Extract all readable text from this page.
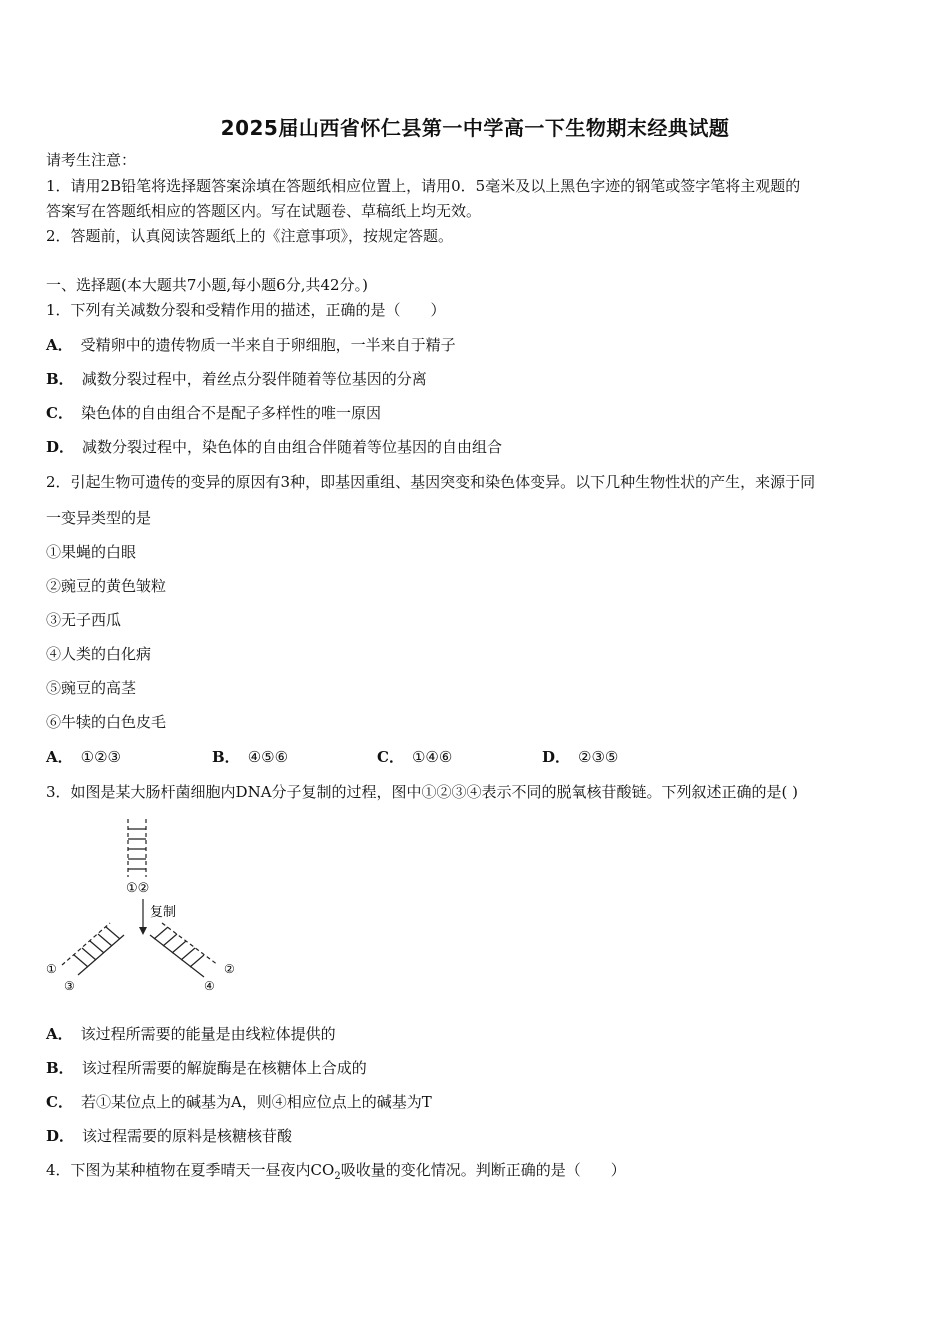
2025届山西省怀仁县第一中学高一下生物期末经典试题
请考生注意：
1．请用2B铅笔将选择题答案涂填在答题纸相应位置上，请用0．5毫米及以上黑色字迹的钢笔或签字笔将主观题的
答案写在答题纸相应的答题区内。写在试题卷、草稿纸上均无效。
2．答题前，认真阅读答题纸上的《注意事项》，按规定答题。
一、选择题(本大题共7小题,每小题6分,共42分。)
1．下列有关减数分裂和受精作用的描述，正确的是（　　）
A． 受精卵中的遗传物质一半来自于卵细胞，一半来自于精子
B． 减数分裂过程中，着丝点分裂伴随着等位基因的分离
C． 染色体的自由组合不是配子多样性的唯一原因
D． 减数分裂过程中，染色体的自由组合伴随着等位基因的自由组合
2．引起生物可遗传的变异的原因有3种，即基因重组、基因突变和染色体变异。以下几种生物性状的产生，来源于同
一变异类型的是
①果蝇的白眼
②豌豆的黄色皱粒
③无子西瓜
④人类的白化病
⑤豌豆的高茎
⑥牛犊的白色皮毛
A． ①②③	B． ④⑤⑥	C． ①④⑥	D． ②③⑤
3．如图是某大肠杆菌细胞内DNA分子复制的过程，图中①②③④表示不同的脱氧核苷酸链。下列叙述正确的是( )
①②
复制
①
③
②
④
A． 该过程所需要的能量是由线粒体提供的
B． 该过程所需要的解旋酶是在核糖体上合成的
C． 若①某位点上的碱基为A，则④相应位点上的碱基为T
D． 该过程需要的原料是核糖核苷酸
4．下图为某种植物在夏季晴天一昼夜内$CO_2$吸收量的变化情况。判断正确的是（　　）
